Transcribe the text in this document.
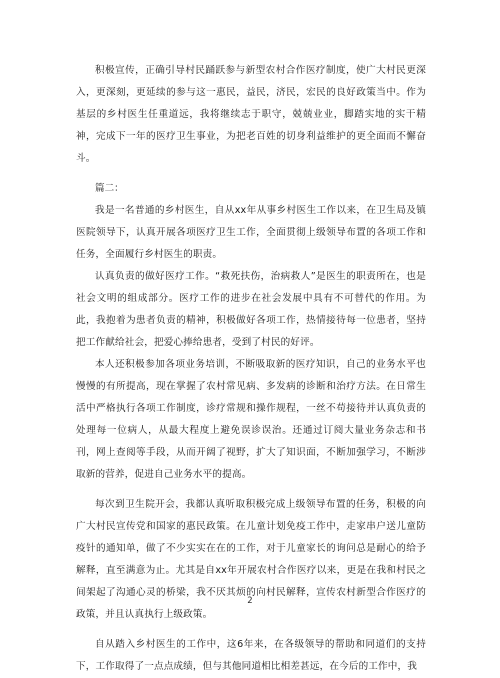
积极宣传，正确引导村民踊跃参与新型农村合作医疗制度，使广大村民更深入，更深刻，更延续的参与这一惠民，益民，济民，宏民的良好政策当中。作为基层的乡村医生任重道远，我将继续志于职守，兢兢业业，脚踏实地的实干精神，完成下一年的医疗卫生事业，为把老百姓的切身利益维护的更全面而不懈奋斗。

篇二：

我是一名普通的乡村医生，自从xx年从事乡村医生工作以来，在卫生局及镇医院领导下，认真开展各项医疗卫生工作，全面贯彻上级领导布置的各项工作和任务，全面履行乡村医生的职责。

认真负责的做好医疗工作。“救死扶伤，治病救人”是医生的职责所在，也是社会文明的组成部分。医疗工作的进步在社会发展中具有不可替代的作用。为此，我抱着为患者负责的精神，积极做好各项工作，热情接待每一位患者，坚持把工作献给社会，把爱心捧给患者，受到了村民的好评。

本人还积极参加各项业务培训，不断吸取新的医疗知识，自己的业务水平也慢慢的有所提高，现在掌握了农村常见病、多发病的诊断和治疗方法。在日常生活中严格执行各项工作制度，诊疗常规和操作规程，一丝不苟接待并认真负责的处理每一位病人，从最大程度上避免误诊误治。还通过订阅大量业务杂志和书刊，网上查阅等手段，从而开阔了视野，扩大了知识面，不断加强学习，不断涉取新的营养，促进自己业务水平的提高。

每次到卫生院开会，我都认真听取积极完成上级领导布置的任务，积极的向广大村民宣传党和国家的惠民政策。在儿童计划免疫工作中，走家串户送儿童防疫针的通知单，做了不少实实在在的工作，对于儿童家长的询问总是耐心的给予解释，直至满意为止。尤其是自xx年开展农村合作医疗以来，更是在我和村民之间架起了沟通心灵的桥梁，我不厌其烦的向村民解释，宣传农村新型合作医疗的政策，并且认真执行上级政策。

自从踏入乡村医生的工作中，这6年来，在各级领导的帮助和同道们的支持下，工作取得了一点点成绩，但与其他同道相比相差甚远，在今后的工作中，我

2
